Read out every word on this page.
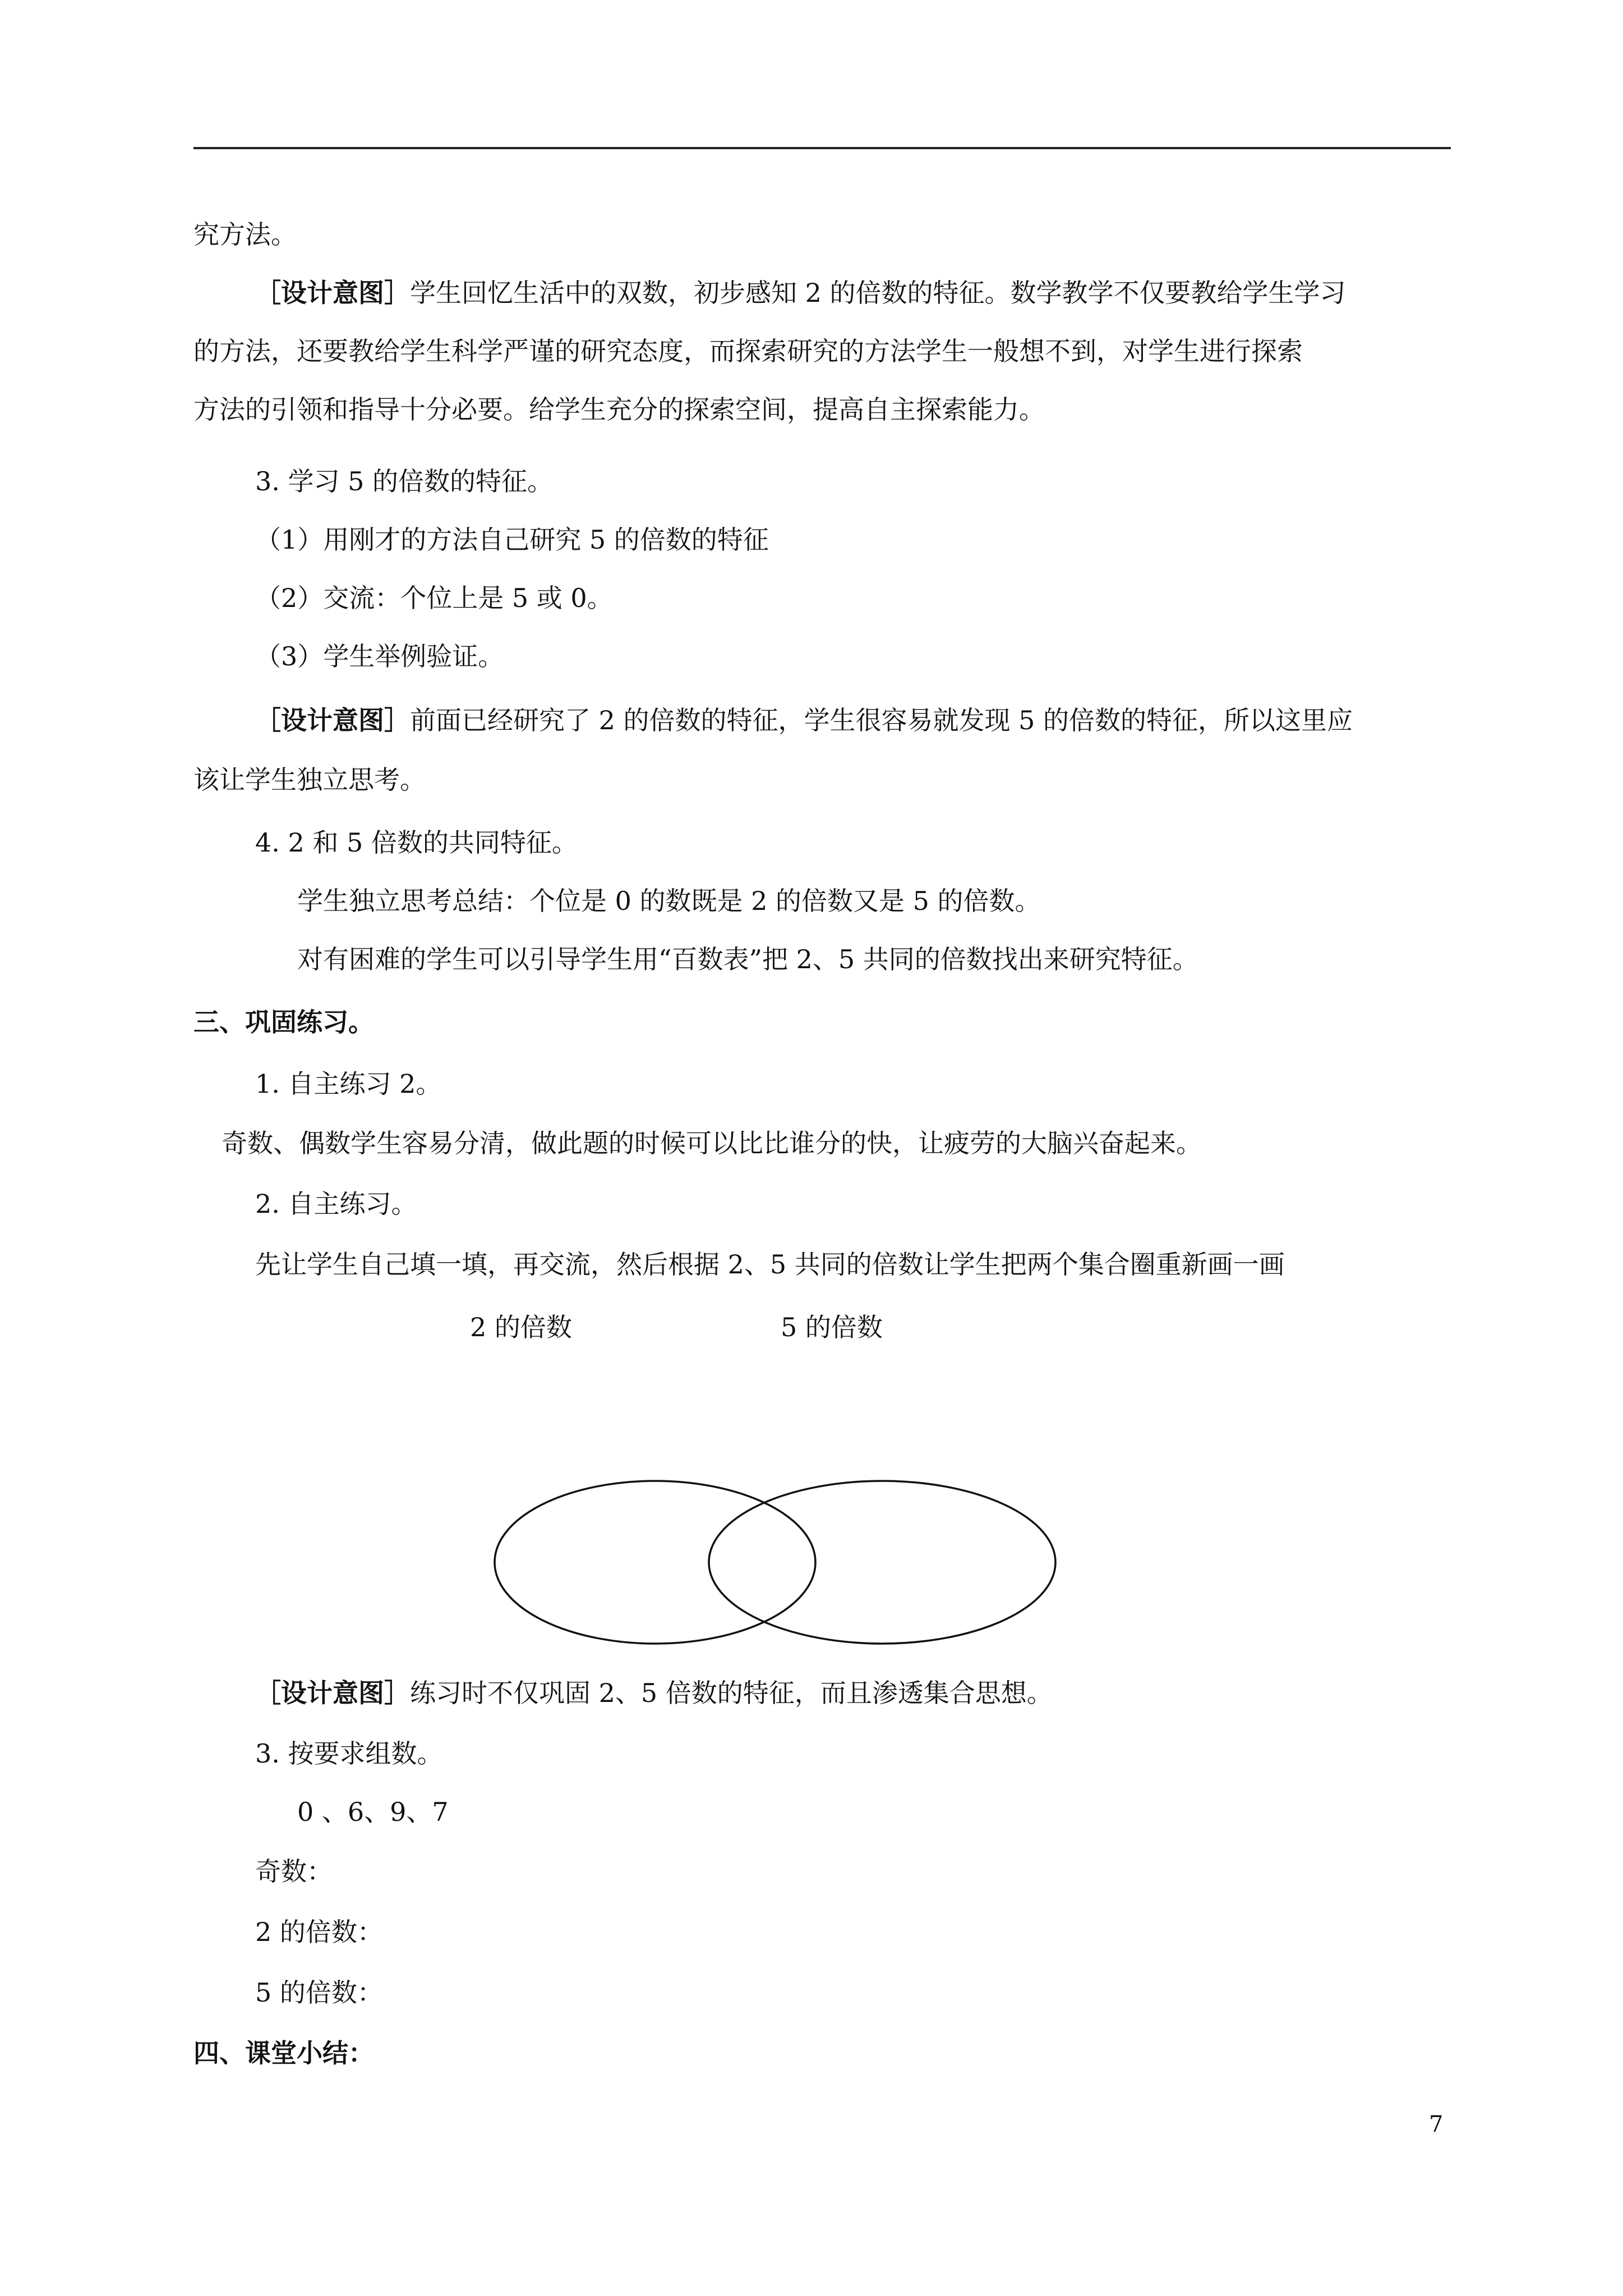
究方法。
［设计意图］学生回忆生活中的双数，初步感知 2 的倍数的特征。数学教学不仅要教给学生学习
的方法，还要教给学生科学严谨的研究态度，而探索研究的方法学生一般想不到，对学生进行探索
方法的引领和指导十分必要。给学生充分的探索空间，提高自主探索能力。
3. 学习 5 的倍数的特征。
（1）用刚才的方法自己研究 5 的倍数的特征
（2）交流：个位上是 5 或 0。
（3）学生举例验证。
［设计意图］前面已经研究了 2 的倍数的特征，学生很容易就发现 5 的倍数的特征，所以这里应
该让学生独立思考。
4. 2 和 5 倍数的共同特征。
学生独立思考总结：个位是 0 的数既是 2 的倍数又是 5 的倍数。
对有困难的学生可以引导学生用“百数表”把 2、5 共同的倍数找出来研究特征。
三、巩固练习。
1. 自主练习 2。
奇数、偶数学生容易分清，做此题的时候可以比比谁分的快，让疲劳的大脑兴奋起来。
2. 自主练习。
先让学生自己填一填，再交流，然后根据 2、5 共同的倍数让学生把两个集合圈重新画一画
2 的倍数	5 的倍数
［设计意图］练习时不仅巩固 2、5 倍数的特征，而且渗透集合思想。
3. 按要求组数。
0 、6、9、7
奇数：
2 的倍数：
5 的倍数：
四、课堂小结：
7
